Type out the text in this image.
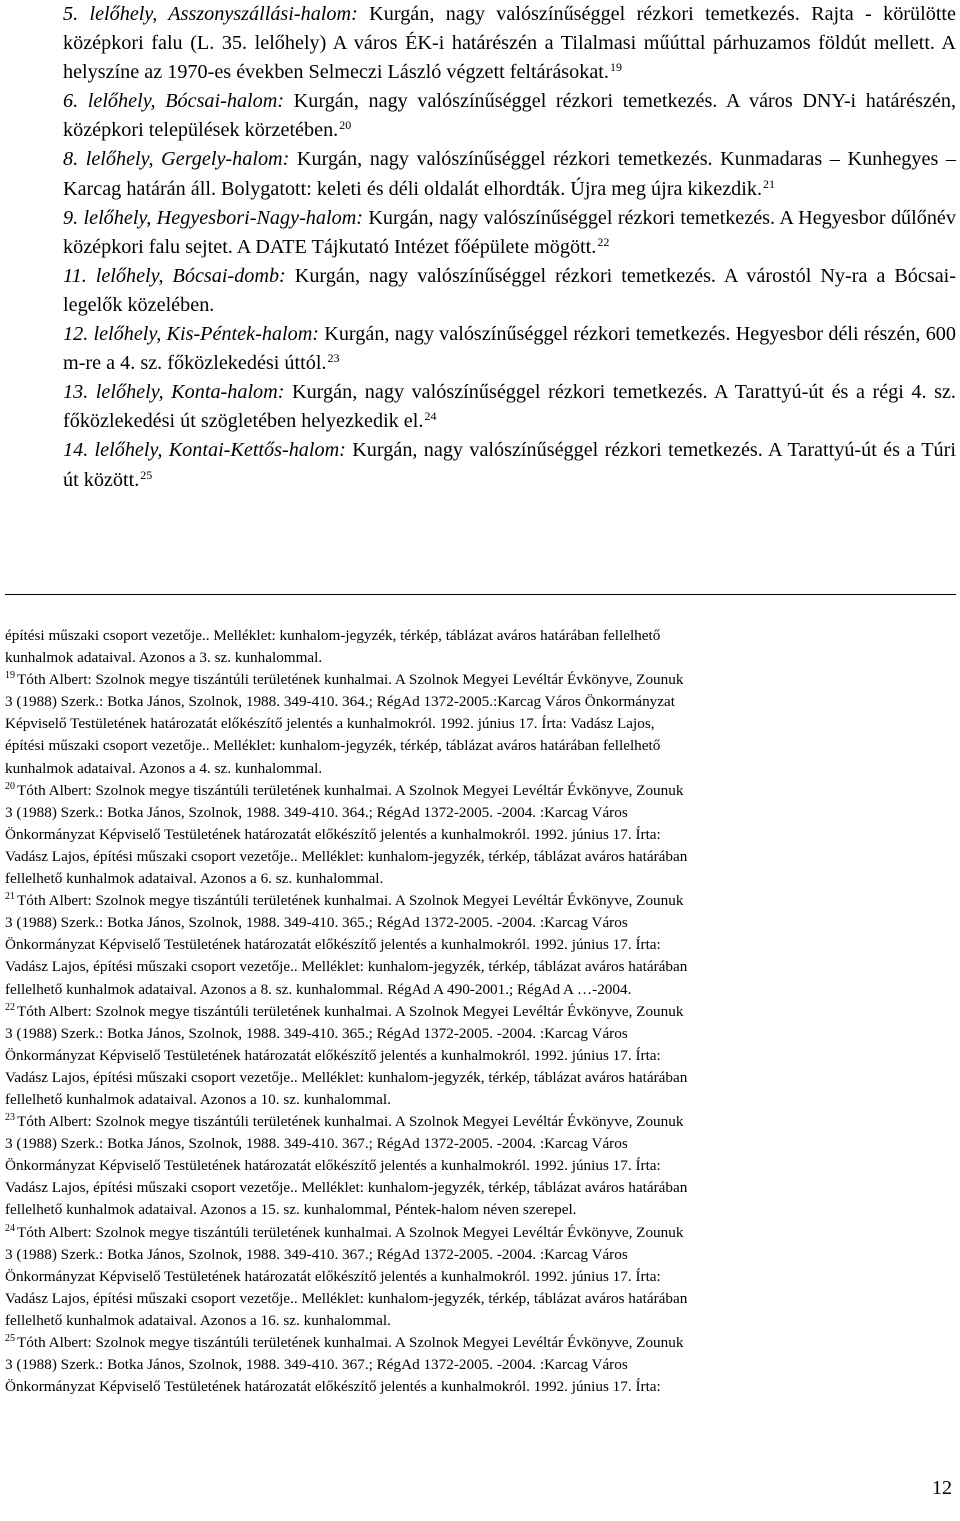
5. lelőhely, Asszonyszállási-halom: Kurgán, nagy valószínűséggel rézkori temetkezés. Rajta - körülötte középkori falu (L. 35. lelőhely) A város ÉK-i határészén a Tilalmasi műúttal párhuzamos földút mellett. A helyszíne az 1970-es években Selmeczi László végzett feltárásokat.$^{19}$

6. lelőhely, Bócsai-halom: Kurgán, nagy valószínűséggel rézkori temetkezés. A város DNY-i határészén, középkori települések körzetében.$^{20}$

8. lelőhely, Gergely-halom: Kurgán, nagy valószínűséggel rézkori temetkezés. Kunmadaras – Kunhegyes – Karcag határán áll. Bolygatott: keleti és déli oldalát elhordták. Újra meg újra kikezdik.$^{21}$

9. lelőhely, Hegyesbori-Nagy-halom: Kurgán, nagy valószínűséggel rézkori temetkezés. A Hegyesbor dűlőnév középkori falu sejtet. A DATE Tájkutató Intézet főépülete mögött.$^{22}$

11. lelőhely, Bócsai-domb: Kurgán, nagy valószínűséggel rézkori temetkezés. A várostól Ny-ra a Bócsai-legelők közelében.

12. lelőhely, Kis-Péntek-halom: Kurgán, nagy valószínűséggel rézkori temetkezés. Hegyesbor déli részén, 600 m-re a 4. sz. főközlekedési úttól.$^{23}$

13. lelőhely, Konta-halom: Kurgán, nagy valószínűséggel rézkori temetkezés. A Tarattyú-út és a régi 4. sz. főközlekedési út szögletében helyezkedik el.$^{24}$

14. lelőhely, Kontai-Kettős-halom: Kurgán, nagy valószínűséggel rézkori temetkezés. A Tarattyú-út és a Túri út között.$^{25}$

építési műszaki csoport vezetője.. Melléklet: kunhalom-jegyzék, térkép, táblázat aváros határában fellelhető
kunhalmok adataival. Azonos a 3. sz. kunhalommal.
$^{19}$ Tóth Albert: Szolnok megye tiszántúli területének kunhalmai. A Szolnok Megyei Levéltár Évkönyve, Zounuk
3 (1988) Szerk.: Botka János, Szolnok, 1988. 349-410. 364.; RégAd 1372-2005.:Karcag Város Önkormányzat
Képviselő Testületének határozatát előkészítő jelentés a kunhalmokról. 1992. június 17. Írta: Vadász Lajos,
építési műszaki csoport vezetője.. Melléklet: kunhalom-jegyzék, térkép, táblázat aváros határában fellelhető
kunhalmok adataival. Azonos a 4. sz. kunhalommal.
$^{20}$ Tóth Albert: Szolnok megye tiszántúli területének kunhalmai. A Szolnok Megyei Levéltár Évkönyve, Zounuk
3 (1988) Szerk.: Botka János, Szolnok, 1988. 349-410. 364.; RégAd 1372-2005. -2004. :Karcag Város
Önkormányzat Képviselő Testületének határozatát előkészítő jelentés a kunhalmokról. 1992. június 17. Írta:
Vadász Lajos, építési műszaki csoport vezetője.. Melléklet: kunhalom-jegyzék, térkép, táblázat aváros határában
fellelhető kunhalmok adataival. Azonos a 6. sz. kunhalommal.
$^{21}$ Tóth Albert: Szolnok megye tiszántúli területének kunhalmai. A Szolnok Megyei Levéltár Évkönyve, Zounuk
3 (1988) Szerk.: Botka János, Szolnok, 1988. 349-410. 365.; RégAd 1372-2005. -2004. :Karcag Város
Önkormányzat Képviselő Testületének határozatát előkészítő jelentés a kunhalmokról. 1992. június 17. Írta:
Vadász Lajos, építési műszaki csoport vezetője.. Melléklet: kunhalom-jegyzék, térkép, táblázat aváros határában
fellelhető kunhalmok adataival. Azonos a 8. sz. kunhalommal. RégAd A 490-2001.; RégAd A …-2004.
$^{22}$ Tóth Albert: Szolnok megye tiszántúli területének kunhalmai. A Szolnok Megyei Levéltár Évkönyve, Zounuk
3 (1988) Szerk.: Botka János, Szolnok, 1988. 349-410. 365.; RégAd 1372-2005. -2004. :Karcag Város
Önkormányzat Képviselő Testületének határozatát előkészítő jelentés a kunhalmokról. 1992. június 17. Írta:
Vadász Lajos, építési műszaki csoport vezetője.. Melléklet: kunhalom-jegyzék, térkép, táblázat aváros határában
fellelhető kunhalmok adataival. Azonos a 10. sz. kunhalommal.
$^{23}$ Tóth Albert: Szolnok megye tiszántúli területének kunhalmai. A Szolnok Megyei Levéltár Évkönyve, Zounuk
3 (1988) Szerk.: Botka János, Szolnok, 1988. 349-410. 367.; RégAd 1372-2005. -2004. :Karcag Város
Önkormányzat Képviselő Testületének határozatát előkészítő jelentés a kunhalmokról. 1992. június 17. Írta:
Vadász Lajos, építési műszaki csoport vezetője.. Melléklet: kunhalom-jegyzék, térkép, táblázat aváros határában
fellelhető kunhalmok adataival. Azonos a 15. sz. kunhalommal, Péntek-halom néven szerepel.
$^{24}$ Tóth Albert: Szolnok megye tiszántúli területének kunhalmai. A Szolnok Megyei Levéltár Évkönyve, Zounuk
3 (1988) Szerk.: Botka János, Szolnok, 1988. 349-410. 367.; RégAd 1372-2005. -2004. :Karcag Város
Önkormányzat Képviselő Testületének határozatát előkészítő jelentés a kunhalmokról. 1992. június 17. Írta:
Vadász Lajos, építési műszaki csoport vezetője.. Melléklet: kunhalom-jegyzék, térkép, táblázat aváros határában
fellelhető kunhalmok adataival. Azonos a 16. sz. kunhalommal.
$^{25}$ Tóth Albert: Szolnok megye tiszántúli területének kunhalmai. A Szolnok Megyei Levéltár Évkönyve, Zounuk
3 (1988) Szerk.: Botka János, Szolnok, 1988. 349-410. 367.; RégAd 1372-2005. -2004. :Karcag Város
Önkormányzat Képviselő Testületének határozatát előkészítő jelentés a kunhalmokról. 1992. június 17. Írta:
12
